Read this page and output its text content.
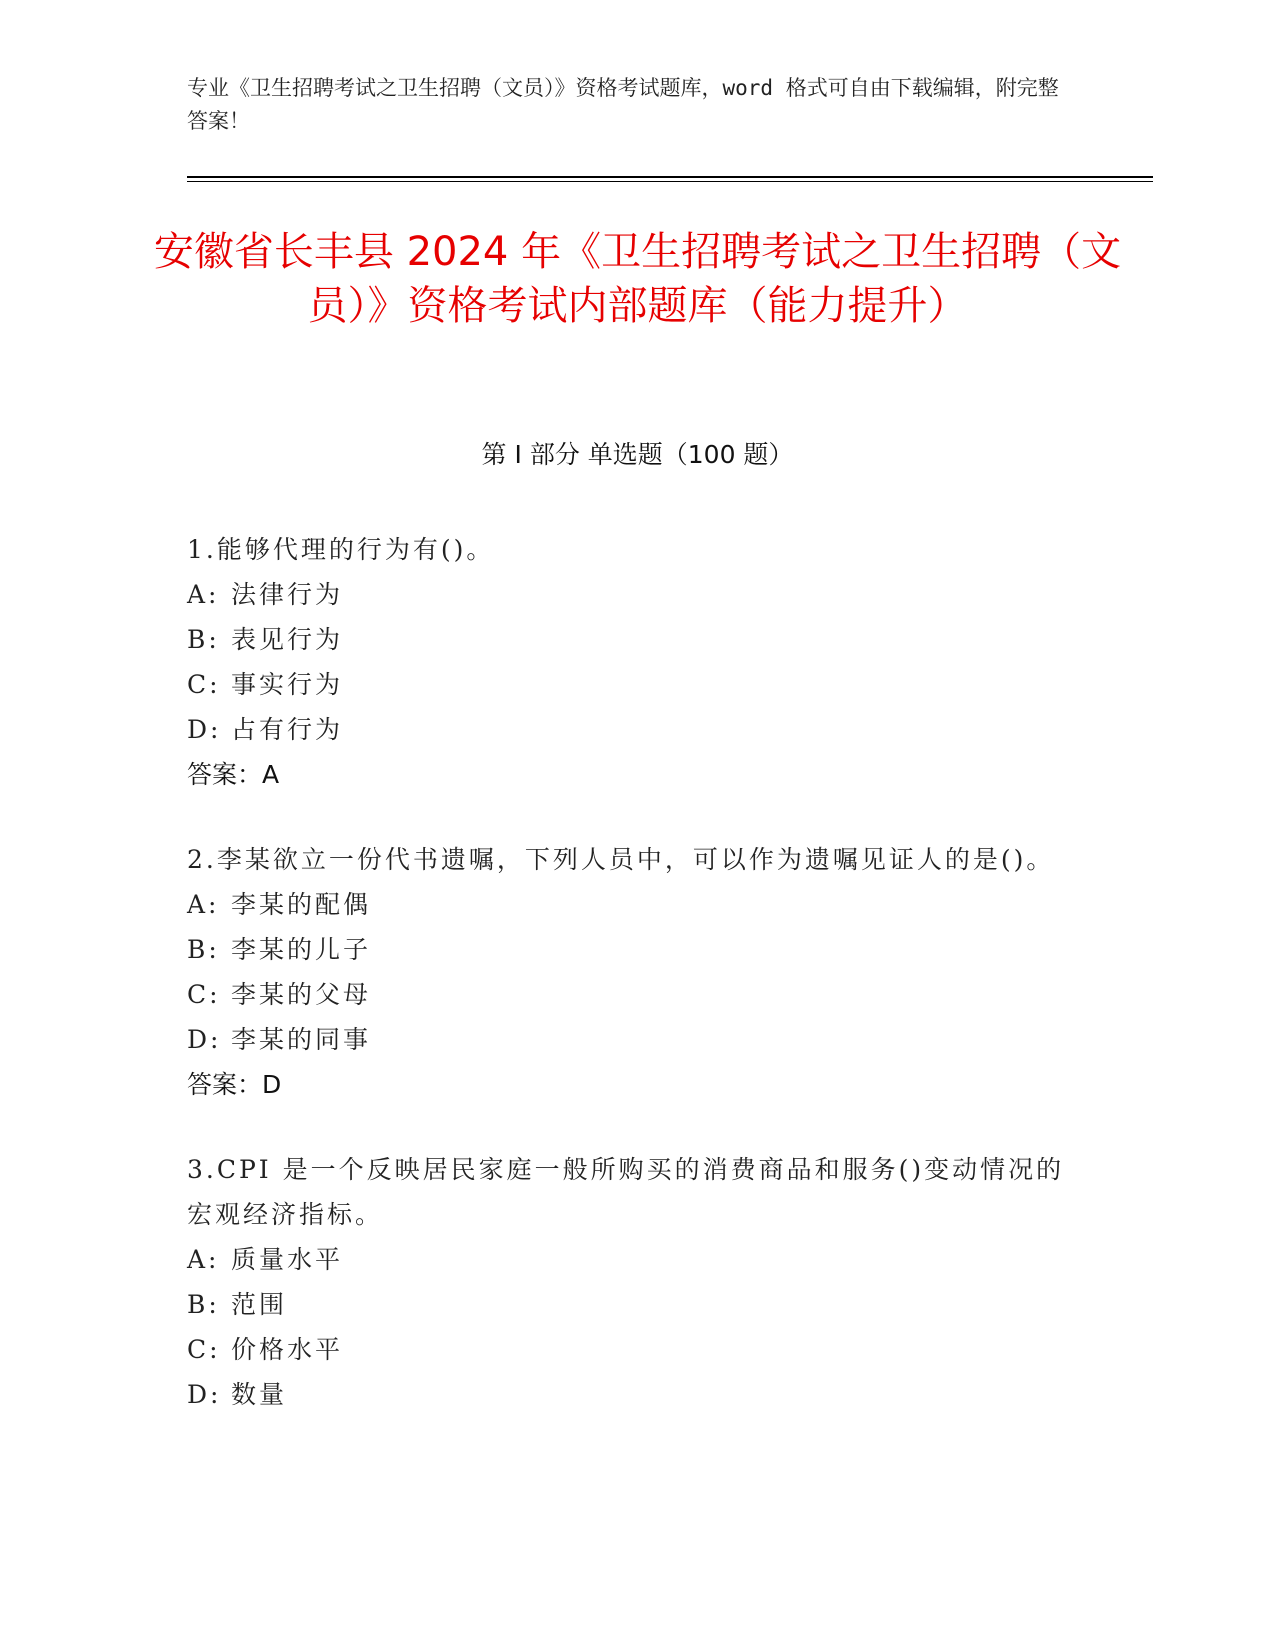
专业《卫生招聘考试之卫生招聘（文员）》资格考试题库，word 格式可自由下载编辑，附完整答案！
安徽省长丰县 2024 年《卫生招聘考试之卫生招聘（文员）》资格考试内部题库（能力提升）
第 I 部分 单选题（100 题）
1.能够代理的行为有()。
A: 法律行为
B: 表见行为
C: 事实行为
D: 占有行为
答案：A
2.李某欲立一份代书遗嘱，下列人员中，可以作为遗嘱见证人的是()。
A: 李某的配偶
B: 李某的儿子
C: 李某的父母
D: 李某的同事
答案：D
3.CPI 是一个反映居民家庭一般所购买的消费商品和服务()变动情况的宏观经济指标。
A: 质量水平
B: 范围
C: 价格水平
D: 数量
